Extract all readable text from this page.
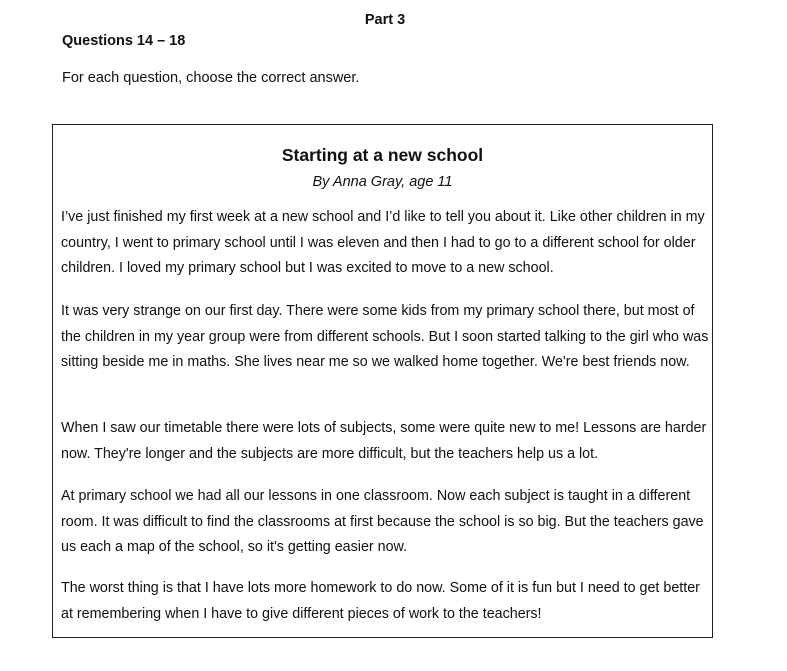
Part 3
Questions 14 – 18
For each question, choose the correct answer.
Starting at a new school
By Anna Gray, age 11

I’ve just finished my first week at a new school and I’d like to tell you about it. Like other children in my country, I went to primary school until I was eleven and then I had to go to a different school for older children. I loved my primary school but I was excited to move to a new school.

It was very strange on our first day. There were some kids from my primary school there, but most of the children in my year group were from different schools. But I soon started talking to the girl who was sitting beside me in maths. She lives near me so we walked home together. We're best friends now.

When I saw our timetable there were lots of subjects, some were quite new to me! Lessons are harder now. They're longer and the subjects are more difficult, but the teachers help us a lot.

At primary school we had all our lessons in one classroom. Now each subject is taught in a different room. It was difficult to find the classrooms at first because the school is so big. But the teachers gave us each a map of the school, so it's getting easier now.

The worst thing is that I have lots more homework to do now. Some of it is fun but I need to get better at remembering when I have to give different pieces of work to the teachers!
